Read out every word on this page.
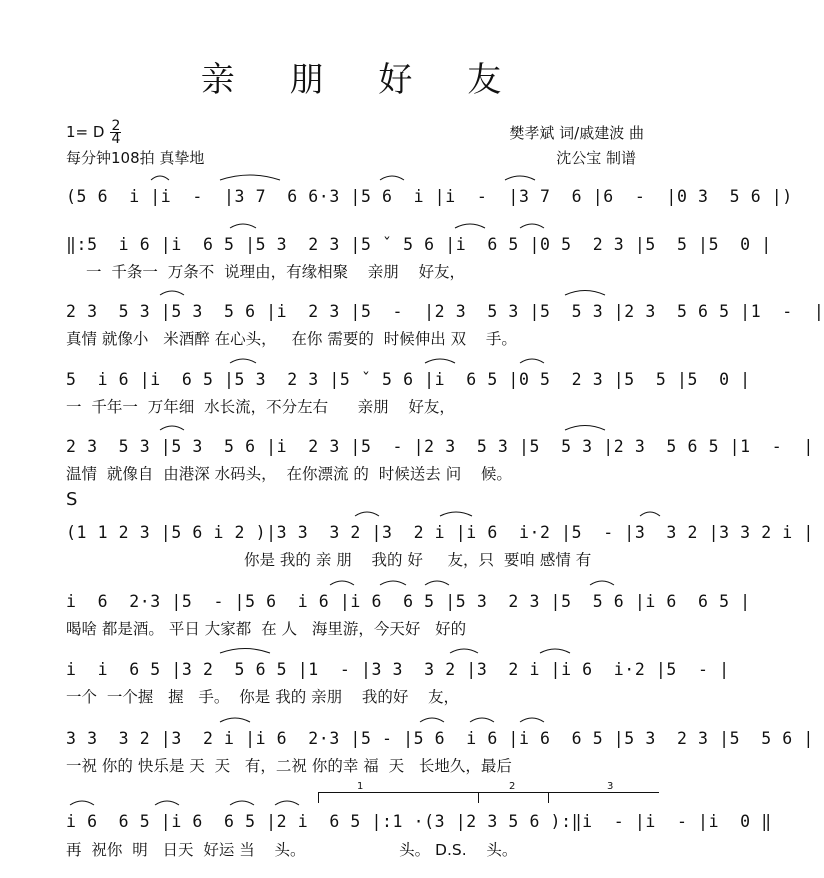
亲 朋 好 友
1= D $\frac{2}{4}$
每分钟108拍 真挚地
樊孝斌 词/戚建波 曲
沈公宝 制谱
(5 6  i |i  -  |3 7  6 6·3 |5 6  i |i  -  |3 7  6 |6  -  |0 3  5 6 |)
‖:5  i 6 |i  6 5 |5 3  2 3 |5 ˇ 5 6 |i  6 5 |0 5  2 3 |5  5 |5  0 |
一  千条一  万条不  说理由，有缘相聚    亲朋    好友，
2 3  5 3 |5 3  5 6 |i  2 3 |5  -  |2 3  5 3 |5  5 3 |2 3  5 6 5 |1  -  |
真情 就像小   米酒醉 在心头，   在你 需要的  时候伸出 双    手。
5  i 6 |i  6 5 |5 3  2 3 |5 ˇ 5 6 |i  6 5 |0 5  2 3 |5  5 |5  0 |
一  千年一  万年细  水长流，不分左右      亲朋    好友，
2 3  5 3 |5 3  5 6 |i  2 3 |5  - |2 3  5 3 |5  5 3 |2 3  5 6 5 |1  -  |
温情  就像自  由港深 水码头，  在你漂流 的  时候送去 问    候。
S
(1 1 2 3 |5 6 i 2 )|3 3  3 2 |3  2 i |i 6  i·2 |5  - |3  3 2 |3 3 2 i |
你是 我的 亲 朋    我的 好     友，只  要咱 感情 有
i  6  2·3 |5  - |5 6  i 6 |i 6  6 5 |5 3  2 3 |5  5 6 |i 6  6 5 |
喝啥 都是酒。 平日 大家都  在 人   海里游，今天好   好的
i  i  6 5 |3 2  5 6 5 |1  - |3 3  3 2 |3  2 i |i 6  i·2 |5  - |
一个  一个握   握   手。  你是 我的 亲朋    我的好    友，
3 3  3 2 |3  2 i |i 6  2·3 |5 - |5 6  i 6 |i 6  6 5 |5 3  2 3 |5  5 6 |
一祝 你的 快乐是 天  天   有，二祝 你的幸 福  天   长地久，最后
1	2	3
i 6  6 5 |i 6  6 5 |2 i  6 5 |:1 ·(3 |2 3 5 6 ):‖i  - |i  - |i  0 ‖
再  祝你  明   日天  好运 当    头。                   头。 D.S.    头。
